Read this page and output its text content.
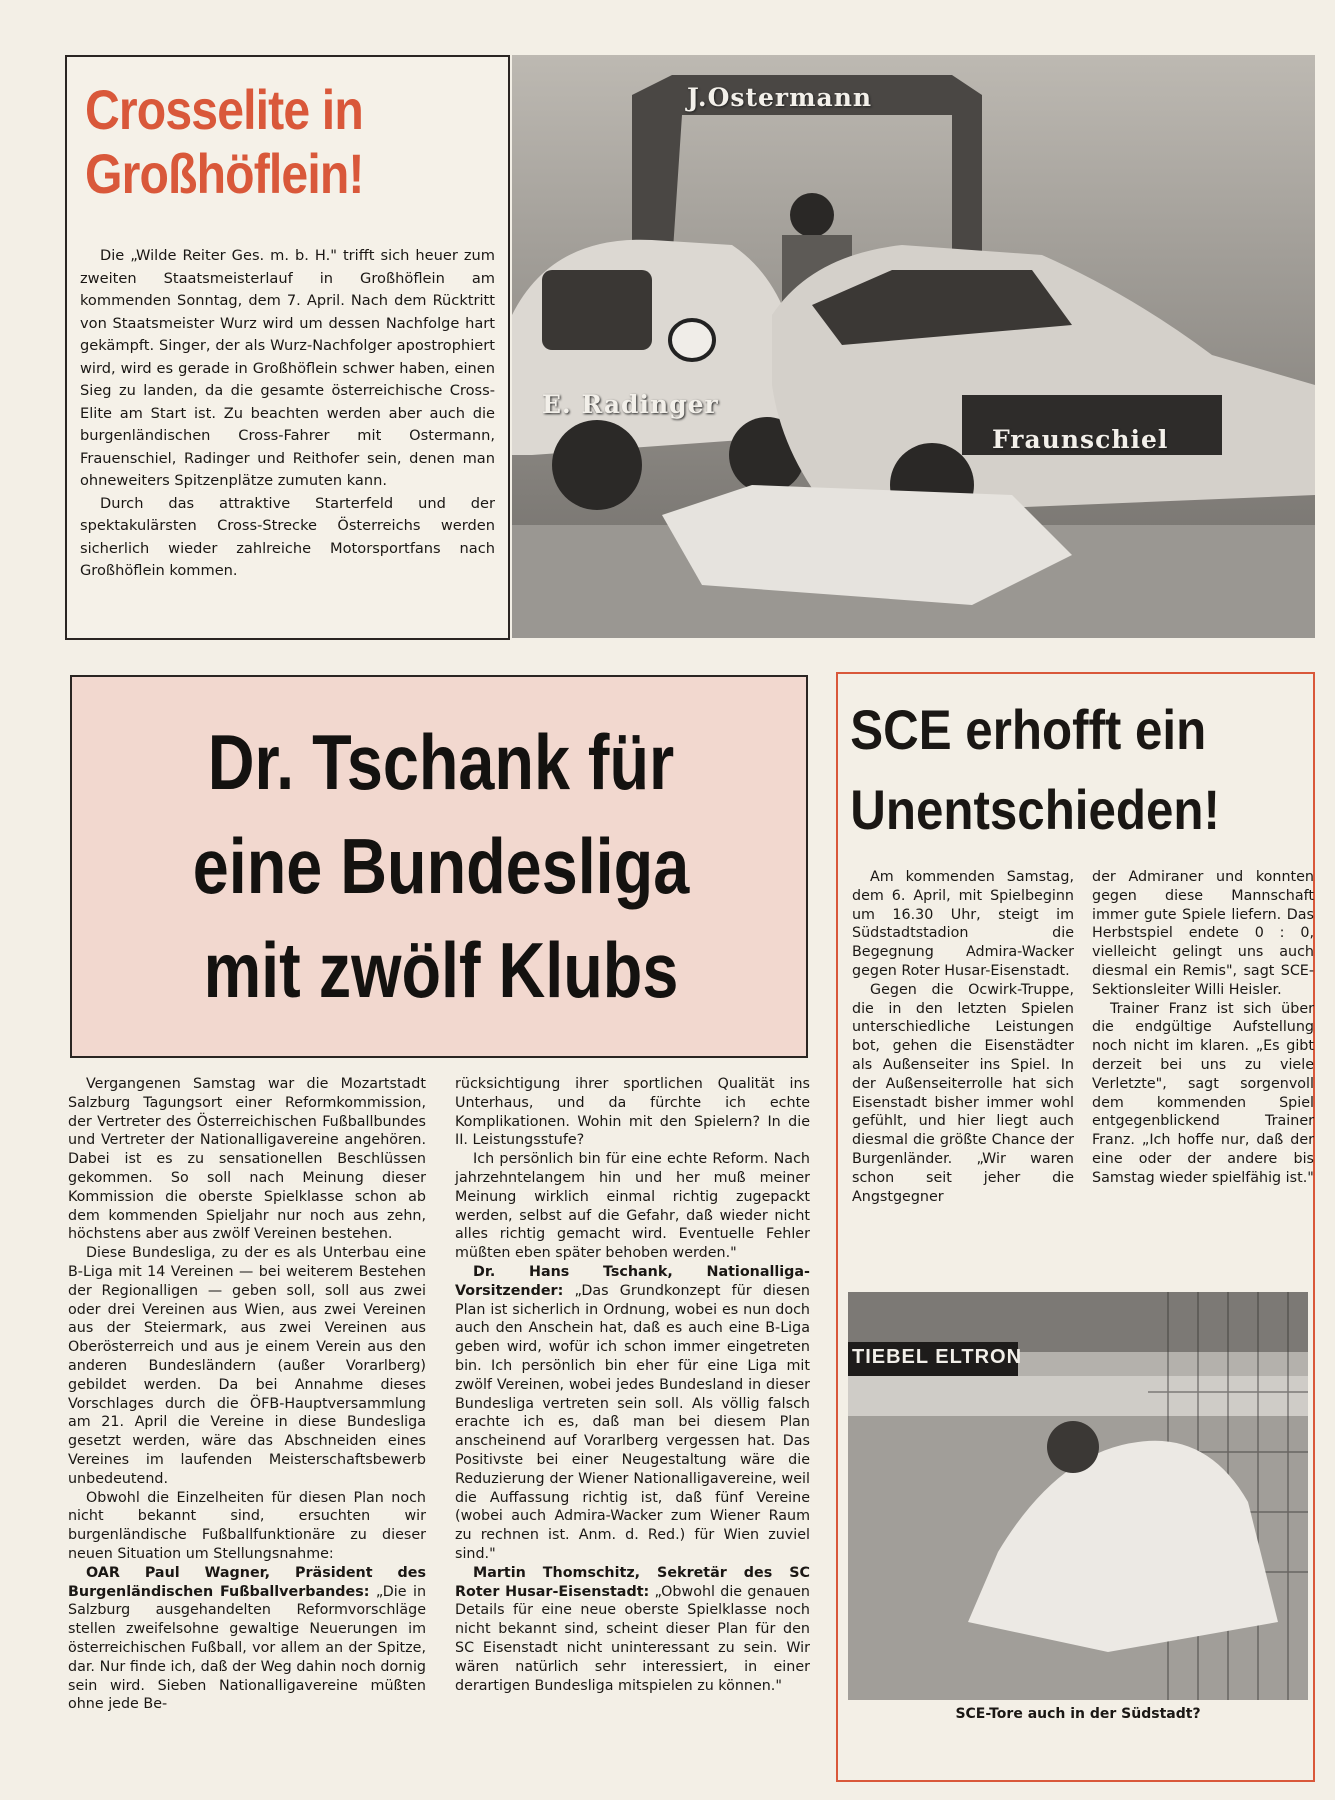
Crosselite in Großhöflein!

Die „Wilde Reiter Ges. m. b. H." trifft sich heuer zum zweiten Staatsmeisterlauf in Großhöflein am kommenden Sonntag, dem 7. April. Nach dem Rücktritt von Staatsmeister Wurz wird um dessen Nachfolge hart gekämpft. Singer, der als Wurz-Nachfolger apostrophiert wird, wird es gerade in Großhöflein schwer haben, einen Sieg zu landen, da die gesamte österreichische Cross-Elite am Start ist. Zu beachten werden aber auch die burgenländischen Cross-Fahrer mit Ostermann, Frauenschiel, Radinger und Reithofer sein, denen man ohneweiters Spitzenplätze zumuten kann.

Durch das attraktive Starterfeld und der spektakulärsten Cross-Strecke Österreichs werden sicherlich wieder zahlreiche Motorsportfans nach Großhöflein kommen.

J.Ostermann
E. Radinger
Fraunschiel
Dr. Tschank für eine Bundesliga mit zwölf Klubs

Vergangenen Samstag war die Mozartstadt Salzburg Tagungsort einer Reformkommission, der Vertreter des Österreichischen Fußballbundes und Vertreter der Nationalligavereine angehören. Dabei ist es zu sensationellen Beschlüssen gekommen. So soll nach Meinung dieser Kommission die oberste Spielklasse schon ab dem kommenden Spieljahr nur noch aus zehn, höchstens aber aus zwölf Vereinen bestehen.

Diese Bundesliga, zu der es als Unterbau eine B-Liga mit 14 Vereinen — bei weiterem Bestehen der Regionalligen — geben soll, soll aus zwei oder drei Vereinen aus Wien, aus zwei Vereinen aus der Steiermark, aus zwei Vereinen aus Oberösterreich und aus je einem Verein aus den anderen Bundesländern (außer Vorarlberg) gebildet werden. Da bei Annahme dieses Vorschlages durch die ÖFB-Hauptversammlung am 21. April die Vereine in diese Bundesliga gesetzt werden, wäre das Abschneiden eines Vereines im laufenden Meisterschaftsbewerb unbedeutend.

Obwohl die Einzelheiten für diesen Plan noch nicht bekannt sind, ersuchten wir burgenländische Fußballfunktionäre zu dieser neuen Situation um Stellungsnahme:

OAR Paul Wagner, Präsident des Burgenländischen Fußballverbandes: „Die in Salzburg ausgehandelten Reformvorschläge stellen zweifelsohne gewaltige Neuerungen im österreichischen Fußball, vor allem an der Spitze, dar. Nur finde ich, daß der Weg dahin noch dornig sein wird. Sieben Nationalligavereine müßten ohne jede Be-

rücksichtigung ihrer sportlichen Qualität ins Unterhaus, und da fürchte ich echte Komplikationen. Wohin mit den Spielern? In die II. Leistungsstufe?

Ich persönlich bin für eine echte Reform. Nach jahrzehntelangem hin und her muß meiner Meinung wirklich einmal richtig zugepackt werden, selbst auf die Gefahr, daß wieder nicht alles richtig gemacht wird. Eventuelle Fehler müßten eben später behoben werden."

Dr. Hans Tschank, Nationalliga-Vorsitzender: „Das Grundkonzept für diesen Plan ist sicherlich in Ordnung, wobei es nun doch auch den Anschein hat, daß es auch eine B-Liga geben wird, wofür ich schon immer eingetreten bin. Ich persönlich bin eher für eine Liga mit zwölf Vereinen, wobei jedes Bundesland in dieser Bundesliga vertreten sein soll. Als völlig falsch erachte ich es, daß man bei diesem Plan anscheinend auf Vorarlberg vergessen hat. Das Positivste bei einer Neugestaltung wäre die Reduzierung der Wiener Nationalligavereine, weil die Auffassung richtig ist, daß fünf Vereine (wobei auch Admira-Wacker zum Wiener Raum zu rechnen ist. Anm. d. Red.) für Wien zuviel sind."

Martin Thomschitz, Sekretär des SC Roter Husar-Eisenstadt: „Obwohl die genauen Details für eine neue oberste Spielklasse noch nicht bekannt sind, scheint dieser Plan für den SC Eisenstadt nicht uninteressant zu sein. Wir wären natürlich sehr interessiert, in einer derartigen Bundesliga mitspielen zu können."

SCE erhofft ein Unentschieden!

Am kommenden Samstag, dem 6. April, mit Spielbeginn um 16.30 Uhr, steigt im Südstadtstadion die Begegnung Admira-Wacker gegen Roter Husar-Eisenstadt.

Gegen die Ocwirk-Truppe, die in den letzten Spielen unterschiedliche Leistungen bot, gehen die Eisenstädter als Außenseiter ins Spiel. In der Außenseiterrolle hat sich Eisenstadt bisher immer wohl gefühlt, und hier liegt auch diesmal die größte Chance der Burgenländer. „Wir waren schon seit jeher die Angstgegner

der Admiraner und konnten gegen diese Mannschaft immer gute Spiele liefern. Das Herbstspiel endete 0 : 0, vielleicht gelingt uns auch diesmal ein Remis", sagt SCE-Sektionsleiter Willi Heisler.

Trainer Franz ist sich über die endgültige Aufstellung noch nicht im klaren. „Es gibt derzeit bei uns zu viele Verletzte", sagt sorgenvoll dem kommenden Spiel entgegenblickend Trainer Franz. „Ich hoffe nur, daß der eine oder der andere bis Samstag wieder spielfähig ist."

TIEBEL ELTRON
SCE-Tore auch in der Südstadt?
